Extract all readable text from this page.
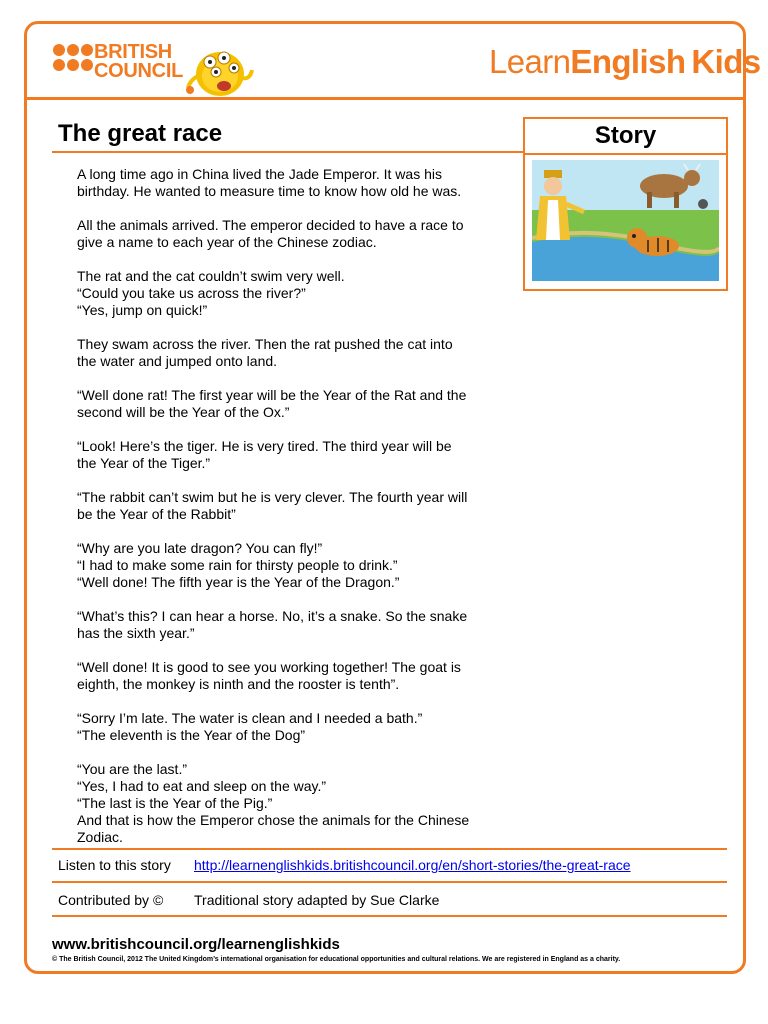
BRITISH
COUNCIL	LearnEnglish Kids
The great race	Story

A long time ago in China lived the Jade Emperor. It was his
birthday. He wanted to measure time to know how old he was.

All the animals arrived. The emperor decided to have a race to
give a name to each year of the Chinese zodiac.

The rat and the cat couldn’t swim very well.
“Could you take us across the river?”
“Yes, jump on quick!”

They swam across the river. Then the rat pushed the cat into
the water and jumped onto land.

“Well done rat! The first year will be the Year of the Rat and the
second will be the Year of the Ox.”

“Look! Here’s the tiger. He is very tired. The third year will be
the Year of the Tiger.”

“The rabbit can’t swim but he is very clever. The fourth year will
be the Year of the Rabbit”

“Why are you late dragon? You can fly!”
“I had to make some rain for thirsty people to drink.”
“Well done! The fifth year is the Year of the Dragon.”

“What’s this? I can hear a horse. No, it’s a snake. So the snake
has the sixth year.”

“Well done! It is good to see you working together! The goat is
eighth, the monkey is ninth and the rooster is tenth”.

“Sorry I’m late. The water is clean and I needed a bath.”
“The eleventh is the Year of the Dog”

“You are the last.”
“Yes, I had to eat and sleep on the way.”
“The last is the Year of the Pig.”
And that is how the Emperor chose the animals for the Chinese
Zodiac.

Listen to this story http://learnenglishkids.britishcouncil.org/en/short-stories/the-great-race
Contributed by © Traditional story adapted by Sue Clarke
www.britishcouncil.org/learnenglishkids
© The British Council, 2012 The United Kingdom’s international organisation for educational opportunities and cultural relations. We are registered in England as a charity.
